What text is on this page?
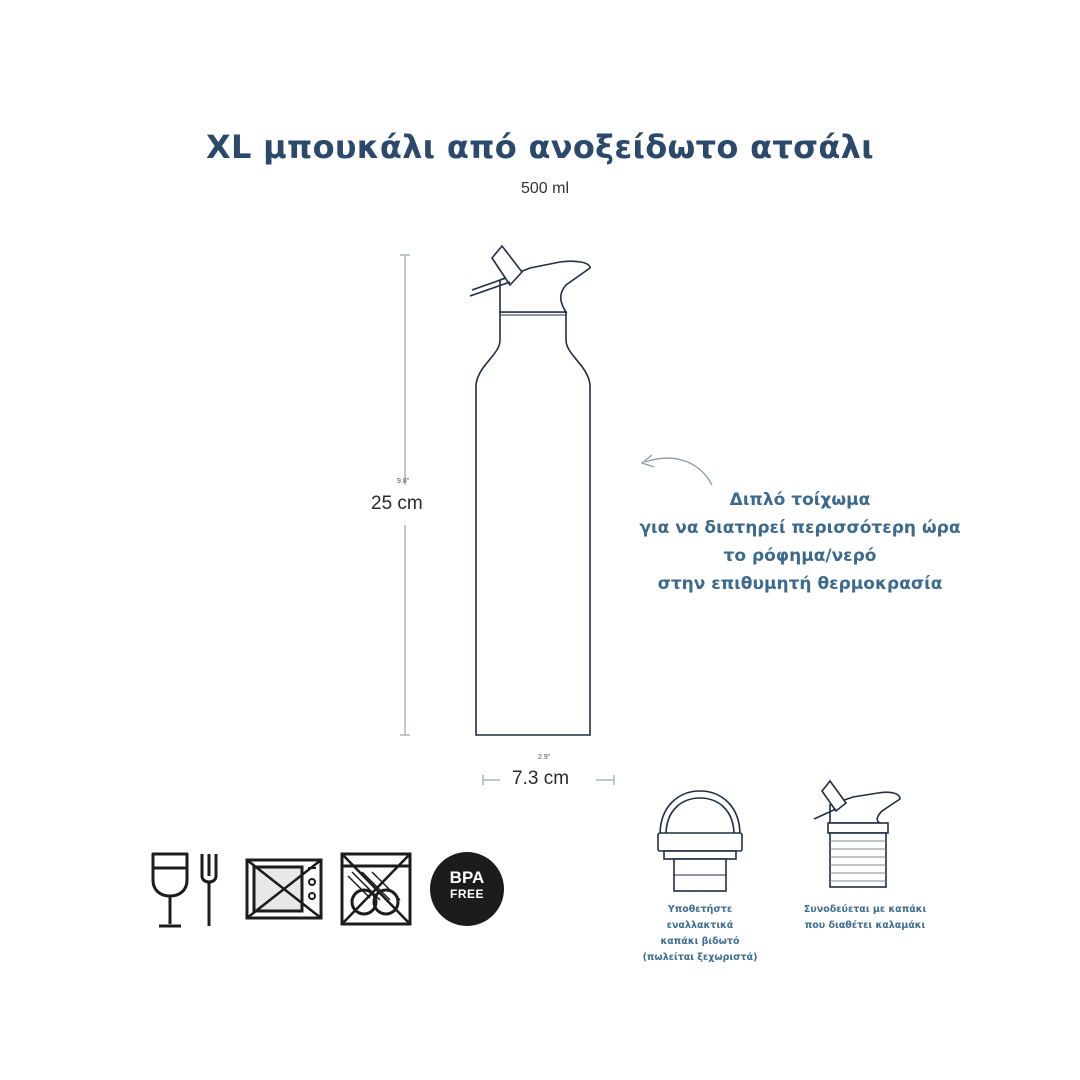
XL μπουκάλι από ανοξείδωτο ατσάλι
500 ml
9.8"
25 cm
2.9"
7.3 cm
Διπλό τοίχωμα
για να διατηρεί περισσότερη ώρα
το ρόφημα/νερό
στην επιθυμητή θερμοκρασία
BPA
FREE
Υποθετήστε
εναλλακτικά
καπάκι βιδωτό
(πωλείται ξεχωριστά)
Συνοδεύεται με καπάκι
που διαθέτει καλαμάκι
